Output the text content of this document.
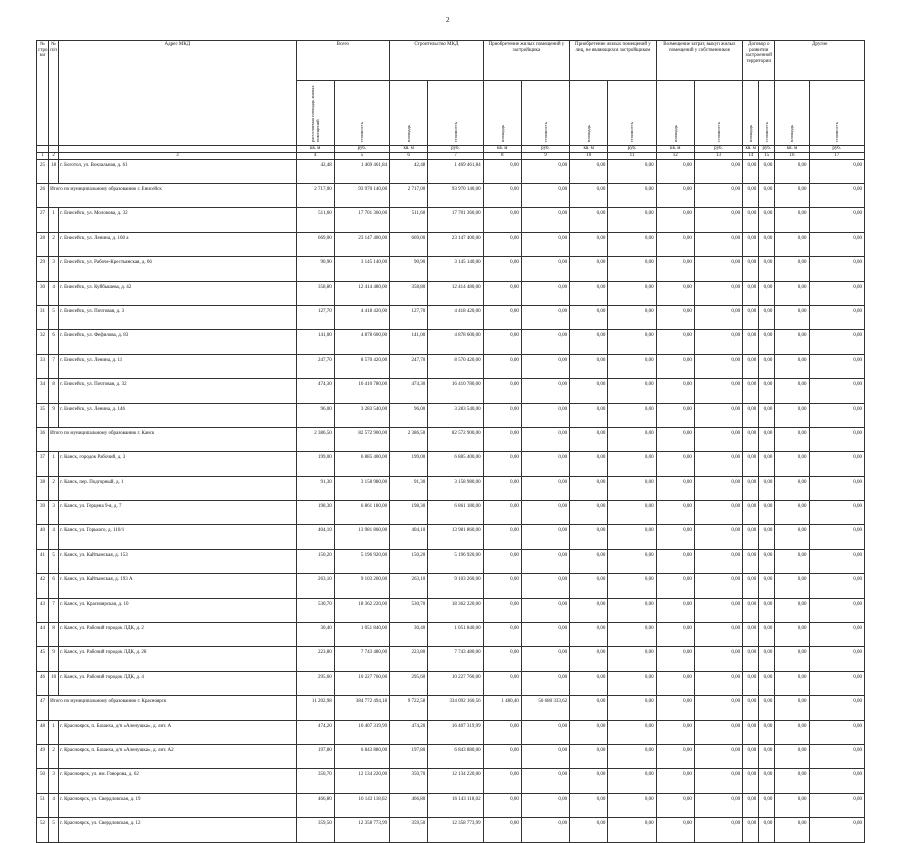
2
№ стро ки	№ п/п	Адрес МКД	Всего		Строительство МКД		Приобретение жилых помещений у застройщика		Приобретение жилых помещений у лиц, не являющихся застройщиком		Возмещение затрат, выкуп жилых помещений у собственников		Договор о развитии застроенной территории		Другие	
			расселяемая площадь жилых помещений	стоимость	площадь	стоимость	площадь	стоимость	площадь	стоимость	площадь	стоимость	площадь	стоимость	площадь	стоимость
			кв. м	руб.	кв. м	руб.	кв. м	руб.	кв. м	руб.	кв. м	руб.	кв. м	руб.	кв. м	руб.
1	2	3	4	5	6	7	8	9	10	11	12	13	14	15	16	17
25	18	г. Боготол, ул. Вокзальная, д. 61	42,48	1 469 461,84	42,48	1 469 461,84	0,00	0,00	0,00	0,00	0,00	0,00	0,00	0,00	0,00	0,00
26	Итого по муниципальному образованию г. Енисейск		2 717,00	93 970 140,00	2 717,00	93 970 140,00	0,00	0,00	0,00	0,00	0,00	0,00	0,00	0,00	0,00	0,00
27	1	г. Енисейск, ул. Молокова, д. 32	511,60	17 701 360,00	511,60	17 701 360,00	0,00	0,00	0,00	0,00	0,00	0,00	0,00	0,00	0,00	0,00
28	2	г. Енисейск, ул. Ленина, д. 160 а	669,00	23 147 400,00	669,00	23 147 400,00	0,00	0,00	0,00	0,00	0,00	0,00	0,00	0,00	0,00	0,00
29	3	г. Енисейск, ул. Рабоче-Крестьянская, д. 66	90,90	3 145 140,00	90,90	3 145 140,00	0,00	0,00	0,00	0,00	0,00	0,00	0,00	0,00	0,00	0,00
30	4	г. Енисейск, ул. Куйбышева, д. 42	358,80	12 414 480,00	358,80	12 414 480,00	0,00	0,00	0,00	0,00	0,00	0,00	0,00	0,00	0,00	0,00
31	5	г. Енисейск, ул. Почтовая, д. 3	127,70	4 418 420,00	127,70	4 418 420,00	0,00	0,00	0,00	0,00	0,00	0,00	0,00	0,00	0,00	0,00
32	6	г. Енисейск, ул. Фефилова, д. 83	141,00	4 878 600,00	141,00	4 878 600,00	0,00	0,00	0,00	0,00	0,00	0,00	0,00	0,00	0,00	0,00
33	7	г. Енисейск, ул. Ленина, д. 11	247,70	8 570 420,00	247,70	8 570 420,00	0,00	0,00	0,00	0,00	0,00	0,00	0,00	0,00	0,00	0,00
34	8	г. Енисейск, ул. Почтовая, д. 32	474,30	16 410 780,00	474,30	16 410 780,00	0,00	0,00	0,00	0,00	0,00	0,00	0,00	0,00	0,00	0,00
35	9	г. Енисейск, ул. Ленина, д. 146	96,00	3 283 540,00	96,00	3 283 540,00	0,00	0,00	0,00	0,00	0,00	0,00	0,00	0,00	0,00	0,00
36	Итого по муниципальному образованию г. Канск		2 386,50	82 572 900,00	2 386,50	82 572 900,00	0,00	0,00	0,00	0,00	0,00	0,00	0,00	0,00	0,00	0,00
37	1	г. Канск, городок Рабочий, д. 3	199,00	6 885 400,00	199,00	6 885 400,00	0,00	0,00	0,00	0,00	0,00	0,00	0,00	0,00	0,00	0,00
38	2	г. Канск, пер. Подгорный, д. 1	91,30	3 158 980,00	91,30	3 158 980,00	0,00	0,00	0,00	0,00	0,00	0,00	0,00	0,00	0,00	0,00
39	3	г. Канск, ул. Герцена 9-я, д. 7	198,30	6 861 180,00	198,30	6 861 180,00	0,00	0,00	0,00	0,00	0,00	0,00	0,00	0,00	0,00	0,00
40	4	г. Канск, ул. Горького, д. 110/1	404,10	13 981 860,00	404,10	13 981 860,00	0,00	0,00	0,00	0,00	0,00	0,00	0,00	0,00	0,00	0,00
41	5	г. Канск, ул. Кайтымская, д. 153	150,20	5 196 920,00	150,20	5 196 920,00	0,00	0,00	0,00	0,00	0,00	0,00	0,00	0,00	0,00	0,00
42	6	г. Канск, ул. Кайтымская, д. 193 А	263,10	9 103 260,00	263,10	9 103 260,00	0,00	0,00	0,00	0,00	0,00	0,00	0,00	0,00	0,00	0,00
43	7	г. Канск, ул. Красноярская, д. 10	530,70	18 362 220,00	530,70	18 362 220,00	0,00	0,00	0,00	0,00	0,00	0,00	0,00	0,00	0,00	0,00
44	8	г. Канск, ул. Рабочий городок ЛДК, д. 2	30,40	1 051 840,00	30,40	1 051 840,00	0,00	0,00	0,00	0,00	0,00	0,00	0,00	0,00	0,00	0,00
45	9	г. Канск, ул. Рабочий городок ЛДК, д. 28	223,80	7 743 480,00	223,80	7 743 480,00	0,00	0,00	0,00	0,00	0,00	0,00	0,00	0,00	0,00	0,00
46	10	г. Канск, ул. Рабочий городок ЛДК, д. 4	295,60	10 227 760,00	295,60	10 227 760,00	0,00	0,00	0,00	0,00	0,00	0,00	0,00	0,00	0,00	0,00
47	Итого по муниципальному образованию г. Красноярск		11 202,98	384 772 494,18	9 722,58	334 092 160,56	1 480,40	50 680 333,62	0,00	0,00	0,00	0,00	0,00	0,00	0,00	0,00
48	1	г. Красноярск, п. Базаиха, д/п «Аленушка», д. лит. А	474,20	16 407 319,99	474,20	16 407 319,99	0,00	0,00	0,00	0,00	0,00	0,00	0,00	0,00	0,00	0,00
49	2	г. Красноярск, п. Базаиха, д/п «Аленушка», д. лит. А2	197,80	6 843 880,00	197,80	6 843 880,00	0,00	0,00	0,00	0,00	0,00	0,00	0,00	0,00	0,00	0,00
50	3	г. Красноярск, ул. им. Говорова, д. 62	350,70	12 134 220,00	350,70	12 134 220,00	0,00	0,00	0,00	0,00	0,00	0,00	0,00	0,00	0,00	0,00
51	4	г. Красноярск, ул. Свердловская, д. 19	466,80	16 143 118,02	466,80	16 143 118,02	0,00	0,00	0,00	0,00	0,00	0,00	0,00	0,00	0,00	0,00
52	5	г. Красноярск, ул. Свердловская, д. 12	359,50	12 358 773,99	359,50	12 358 773,99	0,00	0,00	0,00	0,00	0,00	0,00	0,00	0,00	0,00	0,00
